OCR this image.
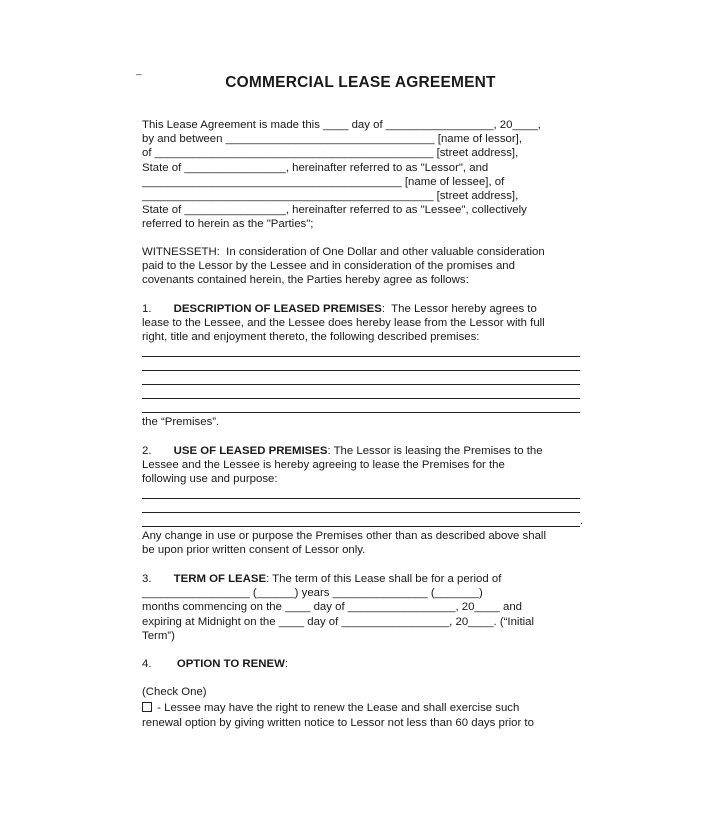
_
COMMERCIAL LEASE AGREEMENT
This Lease Agreement is made this ____ day of _________________, 20____,
by and between _________________________________ [name of lessor],
of ____________________________________________ [street address],
State of ________________, hereinafter referred to as "Lessor", and
_________________________________________ [name of lessee], of
______________________________________________ [street address],
State of ________________, hereinafter referred to as "Lessee", collectively
referred to herein as the "Parties";
WITNESSETH:  In consideration of One Dollar and other valuable consideration
paid to the Lessor by the Lessee and in consideration of the promises and
covenants contained herein, the Parties hereby agree as follows:
1. DESCRIPTION OF LEASED PREMISES:  The Lessor hereby agrees to
lease to the Lessee, and the Lessee does hereby lease from the Lessor with full
right, title and enjoyment thereto, the following described premises:
the “Premises”.
2. USE OF LEASED PREMISES: The Lessor is leasing the Premises to the
Lessee and the Lessee is hereby agreeing to lease the Premises for the
following use and purpose:
.
Any change in use or purpose the Premises other than as described above shall
be upon prior written consent of Lessor only.
3. TERM OF LEASE: The term of this Lease shall be for a period of
_________________ (______) years _______________ (_______)
months commencing on the ____ day of _________________, 20____ and
expiring at Midnight on the ____ day of _________________, 20____. (“Initial
Term”)
4. OPTION TO RENEW:
(Check One)
- Lessee may have the right to renew the Lease and shall exercise such
renewal option by giving written notice to Lessor not less than 60 days prior to
